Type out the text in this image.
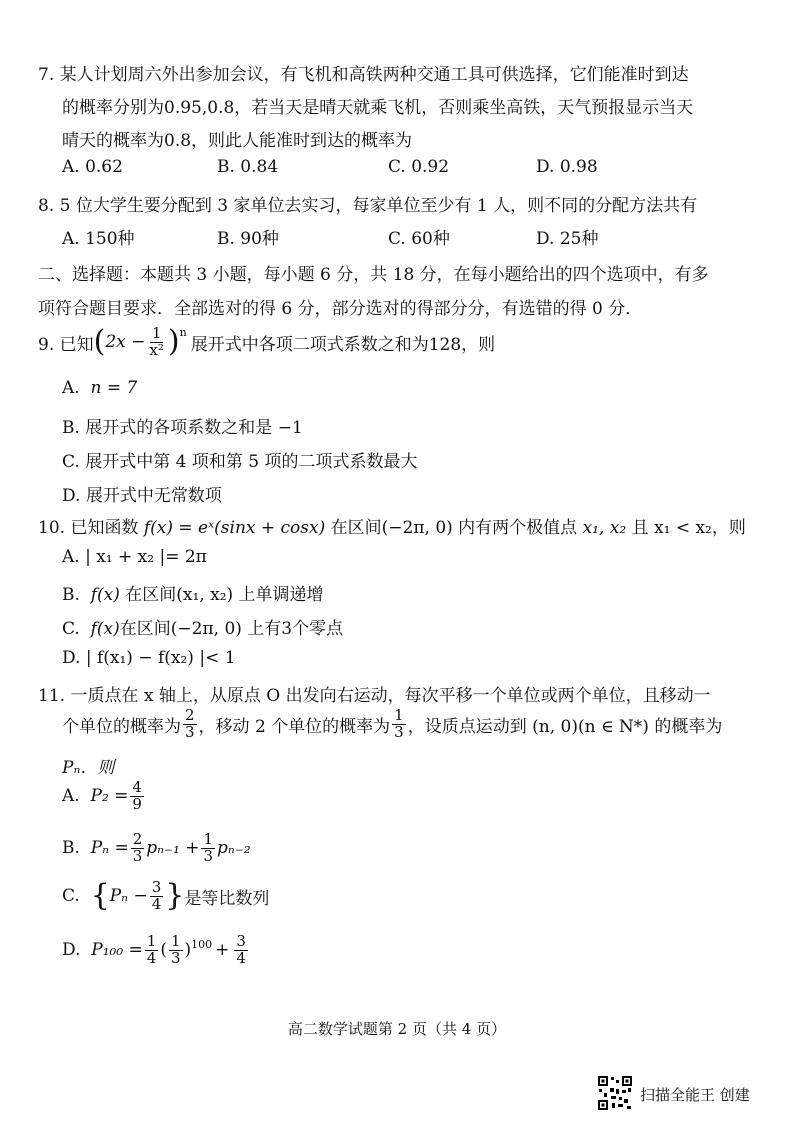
7. 某人计划周六外出参加会议，有飞机和高铁两种交通工具可供选择，它们能准时到达
的概率分别为0.95,0.8，若当天是晴天就乘飞机，否则乘坐高铁，天气预报显示当天
晴天的概率为0.8，则此人能准时到达的概率为
A. 0.62	B. 0.84	C. 0.92	D. 0.98
8. 5 位大学生要分配到 3 家单位去实习，每家单位至少有 1 人，则不同的分配方法共有
A. 150种	B. 90种	C. 60种	D. 25种
二、选择题：本题共 3 小题，每小题 6 分，共 18 分，在每小题给出的四个选项中，有多
项符合题目要求．全部选对的得 6 分，部分选对的得部分分，有选错的得 0 分．
9. 已知 ( $2x - \frac{1}{\text{x²}} )^n$
展开式中各项二项式系数之和为128，则
A. n = 7
B. 展开式的各项系数之和是 −1
C. 展开式中第 4 项和第 5 项的二项式系数最大
D. 展开式中无常数项
10. 已知函数 f(x) = eˣ(sinx + cosx) 在区间(−2π, 0) 内有两个极值点 x₁, x₂ 且 x₁ < x₂，则
A. | x₁ + x₂ |= 2π
B. f(x) 在区间(x₁, x₂) 上单调递增
C. f(x)在区间(−2π, 0) 上有3个零点
D. | f(x₁) − f(x₂) |< 1
11. 一质点在 x 轴上，从原点 O 出发向右运动，每次平移一个单位或两个单位，且移动一
个单位的概率为 $\frac{2}{3}$ ，移动 2 个单位的概率为 $\frac{1}{3}$ ，设质点运动到 (n, 0)(n ∈ N*) 的概率为
Pₙ．则
A.
$P_2 = \frac{4}{9}$
B.
$P_n = \frac{2}{3} p_{n-1} + \frac{1}{3} p_{n-2}$
C.
{ $P_n - \frac{3}{4}$ } 是等比数列
D.
$P_{100} = \frac{1}{4}$ ( $\frac{1}{3} )^{100} + \frac{3}{4}$
高二数学试题第 2 页（共 4 页）
扫描全能王 创建
